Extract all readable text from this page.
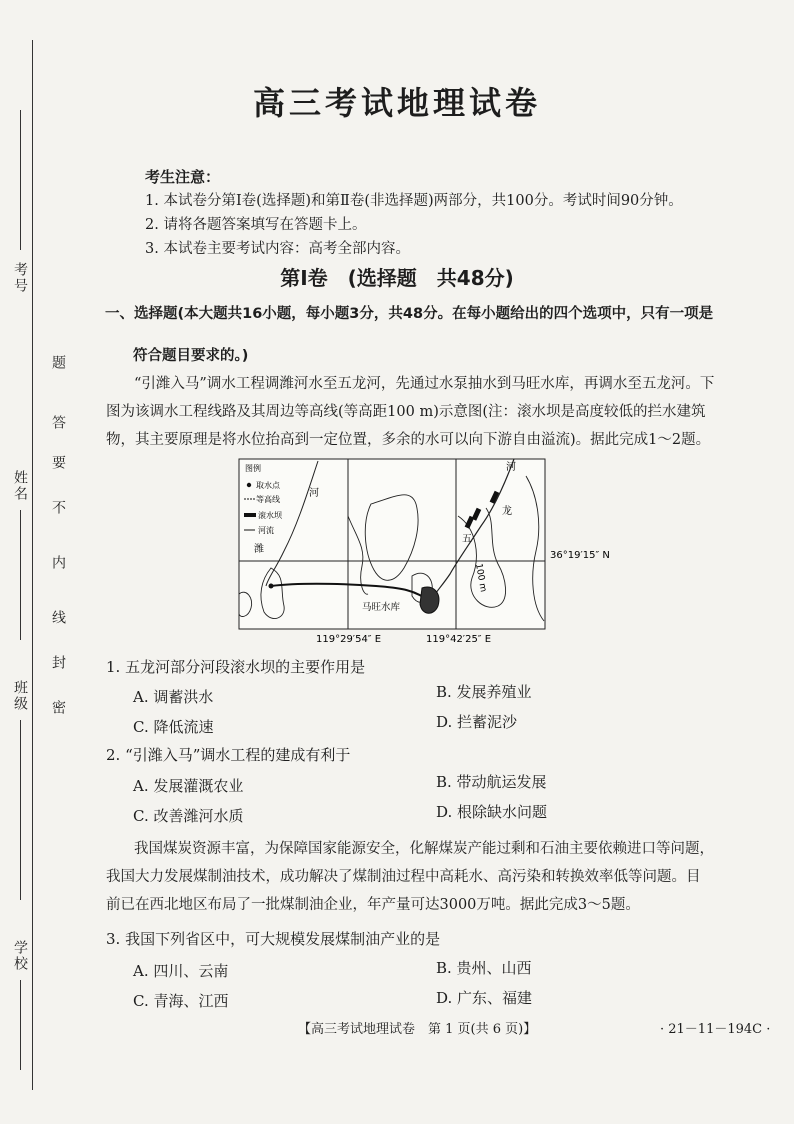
考号
姓名
班级
学校
题
答
要
不
内
线
封
密
高三考试地理试卷
考生注意：
1. 本试卷分第Ⅰ卷(选择题)和第Ⅱ卷(非选择题)两部分，共100分。考试时间90分钟。
2. 请将各题答案填写在答题卡上。
3. 本试卷主要考试内容：高考全部内容。
第Ⅰ卷 (选择题 共48分)
一、选择题(本大题共16小题，每小题3分，共48分。在每小题给出的四个选项中，只有一项是
符合题目要求的。)
“引潍入马”调水工程调潍河水至五龙河，先通过水泵抽水到马旺水库，再调水至五龙河。下
图为该调水工程线路及其周边等高线(等高距100 m)示意图(注：滚水坝是高度较低的拦水建筑
物，其主要原理是将水位抬高到一定位置，多余的水可以向下游自由溢流)。据此完成1～2题。
图例
取水点
等高线
滚水坝
河流
河
潍
河
龙
五
100 m
马旺水库
36°19′15″ N
119°29′54″ E	119°42′25″ E
1. 五龙河部分河段滚水坝的主要作用是
A. 调蓄洪水	B. 发展养殖业
C. 降低流速	D. 拦蓄泥沙
2. “引潍入马”调水工程的建成有利于
A. 发展灌溉农业	B. 带动航运发展
C. 改善潍河水质	D. 根除缺水问题
我国煤炭资源丰富，为保障国家能源安全，化解煤炭产能过剩和石油主要依赖进口等问题，
我国大力发展煤制油技术，成功解决了煤制油过程中高耗水、高污染和转换效率低等问题。目
前已在西北地区布局了一批煤制油企业，年产量可达3000万吨。据此完成3～5题。
3. 我国下列省区中，可大规模发展煤制油产业的是
A. 四川、云南	B. 贵州、山西
C. 青海、江西	D. 广东、福建
【高三考试地理试卷　第 1 页(共 6 页)】	· 21－11－194C ·
